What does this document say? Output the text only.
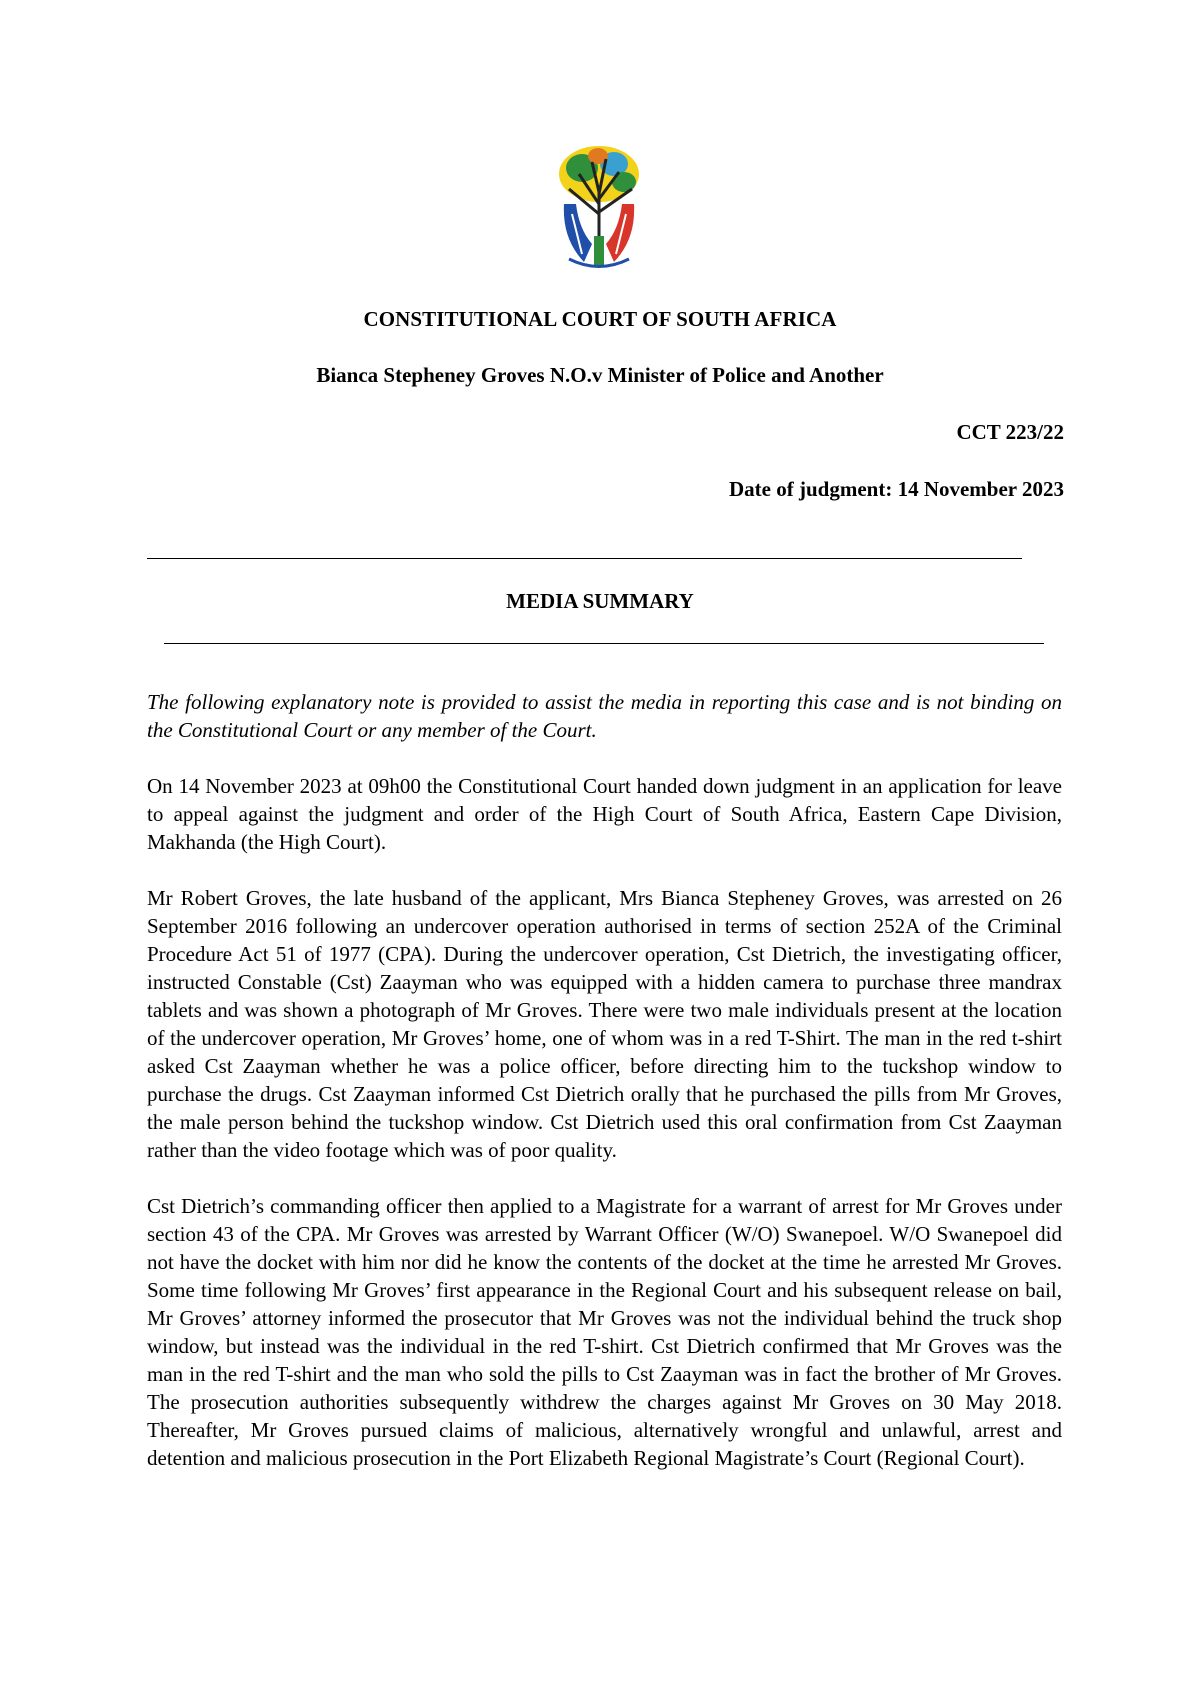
CONSTITUTIONAL COURT OF SOUTH AFRICA
Bianca Stepheney Groves N.O.v Minister of Police and Another
CCT 223/22
Date of judgment: 14 November 2023
MEDIA SUMMARY

The following explanatory note is provided to assist the media in reporting this case and is not binding on the Constitutional Court or any member of the Court.

On 14 November 2023 at 09h00 the Constitutional Court handed down judgment in an application for leave to appeal against the judgment and order of the High Court of South Africa, Eastern Cape Division, Makhanda (the High Court).

Mr Robert Groves, the late husband of the applicant, Mrs Bianca Stepheney Groves, was arrested on 26 September 2016 following an undercover operation authorised in terms of section 252A of the Criminal Procedure Act 51 of 1977 (CPA). During the undercover operation, Cst Dietrich, the investigating officer, instructed Constable (Cst) Zaayman who was equipped with a hidden camera to purchase three mandrax tablets and was shown a photograph of Mr Groves. There were two male individuals present at the location of the undercover operation, Mr Groves’ home, one of whom was in a red T-Shirt. The man in the red t-shirt asked Cst Zaayman whether he was a police officer, before directing him to the tuckshop window to purchase the drugs. Cst Zaayman informed Cst Dietrich orally that he purchased the pills from Mr Groves, the male person behind the tuckshop window. Cst Dietrich used this oral confirmation from Cst Zaayman rather than the video footage which was of poor quality.

Cst Dietrich’s commanding officer then applied to a Magistrate for a warrant of arrest for Mr Groves under section 43 of the CPA. Mr Groves was arrested by Warrant Officer (W/O) Swanepoel. W/O Swanepoel did not have the docket with him nor did he know the contents of the docket at the time he arrested Mr Groves. Some time following Mr Groves’ first appearance in the Regional Court and his subsequent release on bail, Mr Groves’ attorney informed the prosecutor that Mr Groves was not the individual behind the truck shop window, but instead was the individual in the red T-shirt. Cst Dietrich confirmed that Mr Groves was the man in the red T-shirt and the man who sold the pills to Cst Zaayman was in fact the brother of Mr Groves. The prosecution authorities subsequently withdrew the charges against Mr Groves on 30 May 2018. Thereafter, Mr Groves pursued claims of malicious, alternatively wrongful and unlawful, arrest and detention and malicious prosecution in the Port Elizabeth Regional Magistrate’s Court (Regional Court).
